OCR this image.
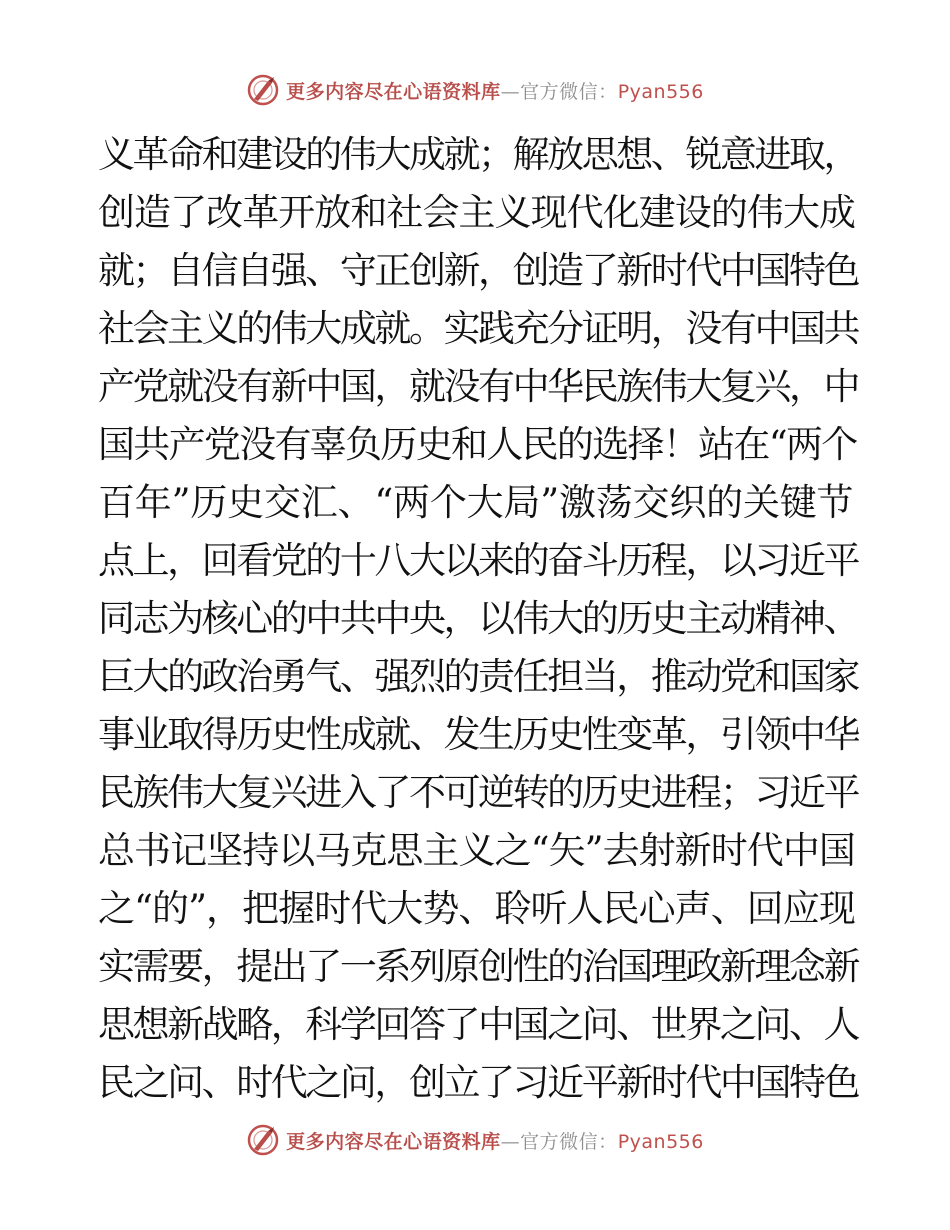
更多内容尽在心语资料库—官方微信：Pyan556
义革命和建设的伟大成就；解放思想、锐意进取，
创造了改革开放和社会主义现代化建设的伟大成
就；自信自强、守正创新，创造了新时代中国特色
社会主义的伟大成就。实践充分证明，没有中国共
产党就没有新中国，就没有中华民族伟大复兴，中
国共产党没有辜负历史和人民的选择！站在“两个
百年”历史交汇、“两个大局”激荡交织的关键节
点上，回看党的十八大以来的奋斗历程，以习近平
同志为核心的中共中央，以伟大的历史主动精神、
巨大的政治勇气、强烈的责任担当，推动党和国家
事业取得历史性成就、发生历史性变革，引领中华
民族伟大复兴进入了不可逆转的历史进程；习近平
总书记坚持以马克思主义之“矢”去射新时代中国
之“的”，把握时代大势、聆听人民心声、回应现
实需要，提出了一系列原创性的治国理政新理念新
思想新战略，科学回答了中国之问、世界之问、人
民之问、时代之问，创立了习近平新时代中国特色
更多内容尽在心语资料库—官方微信：Pyan556
